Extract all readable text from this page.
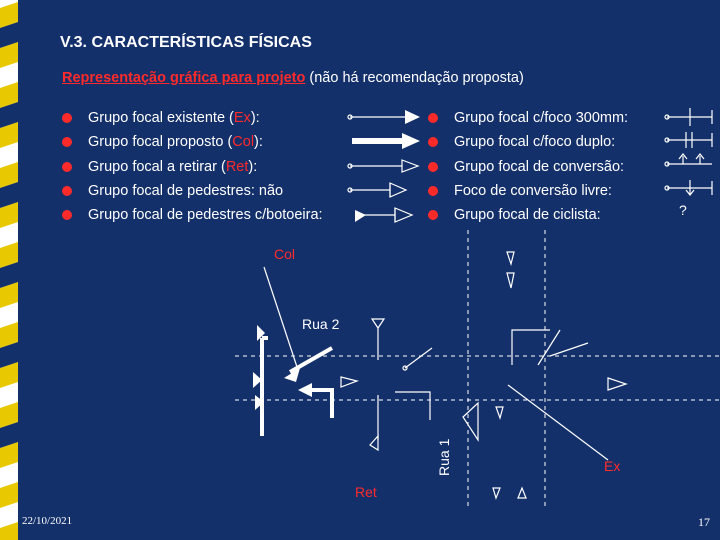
V.3. CARACTERÍSTICAS FÍSICAS
Representação gráfica para projeto (não há recomendação proposta)
Grupo focal existente (Ex):
Grupo focal proposto (Col):
Grupo focal a retirar (Ret):
Grupo focal de pedestres: não
Grupo focal de pedestres c/botoeira:
Grupo focal c/foco 300mm:
Grupo focal c/foco duplo:
Grupo focal de conversão:
Foco de conversão livre:
Grupo focal de ciclista:	?
Col
Rua 2
Ret
Ex
Rua 1
22/10/2021	17
